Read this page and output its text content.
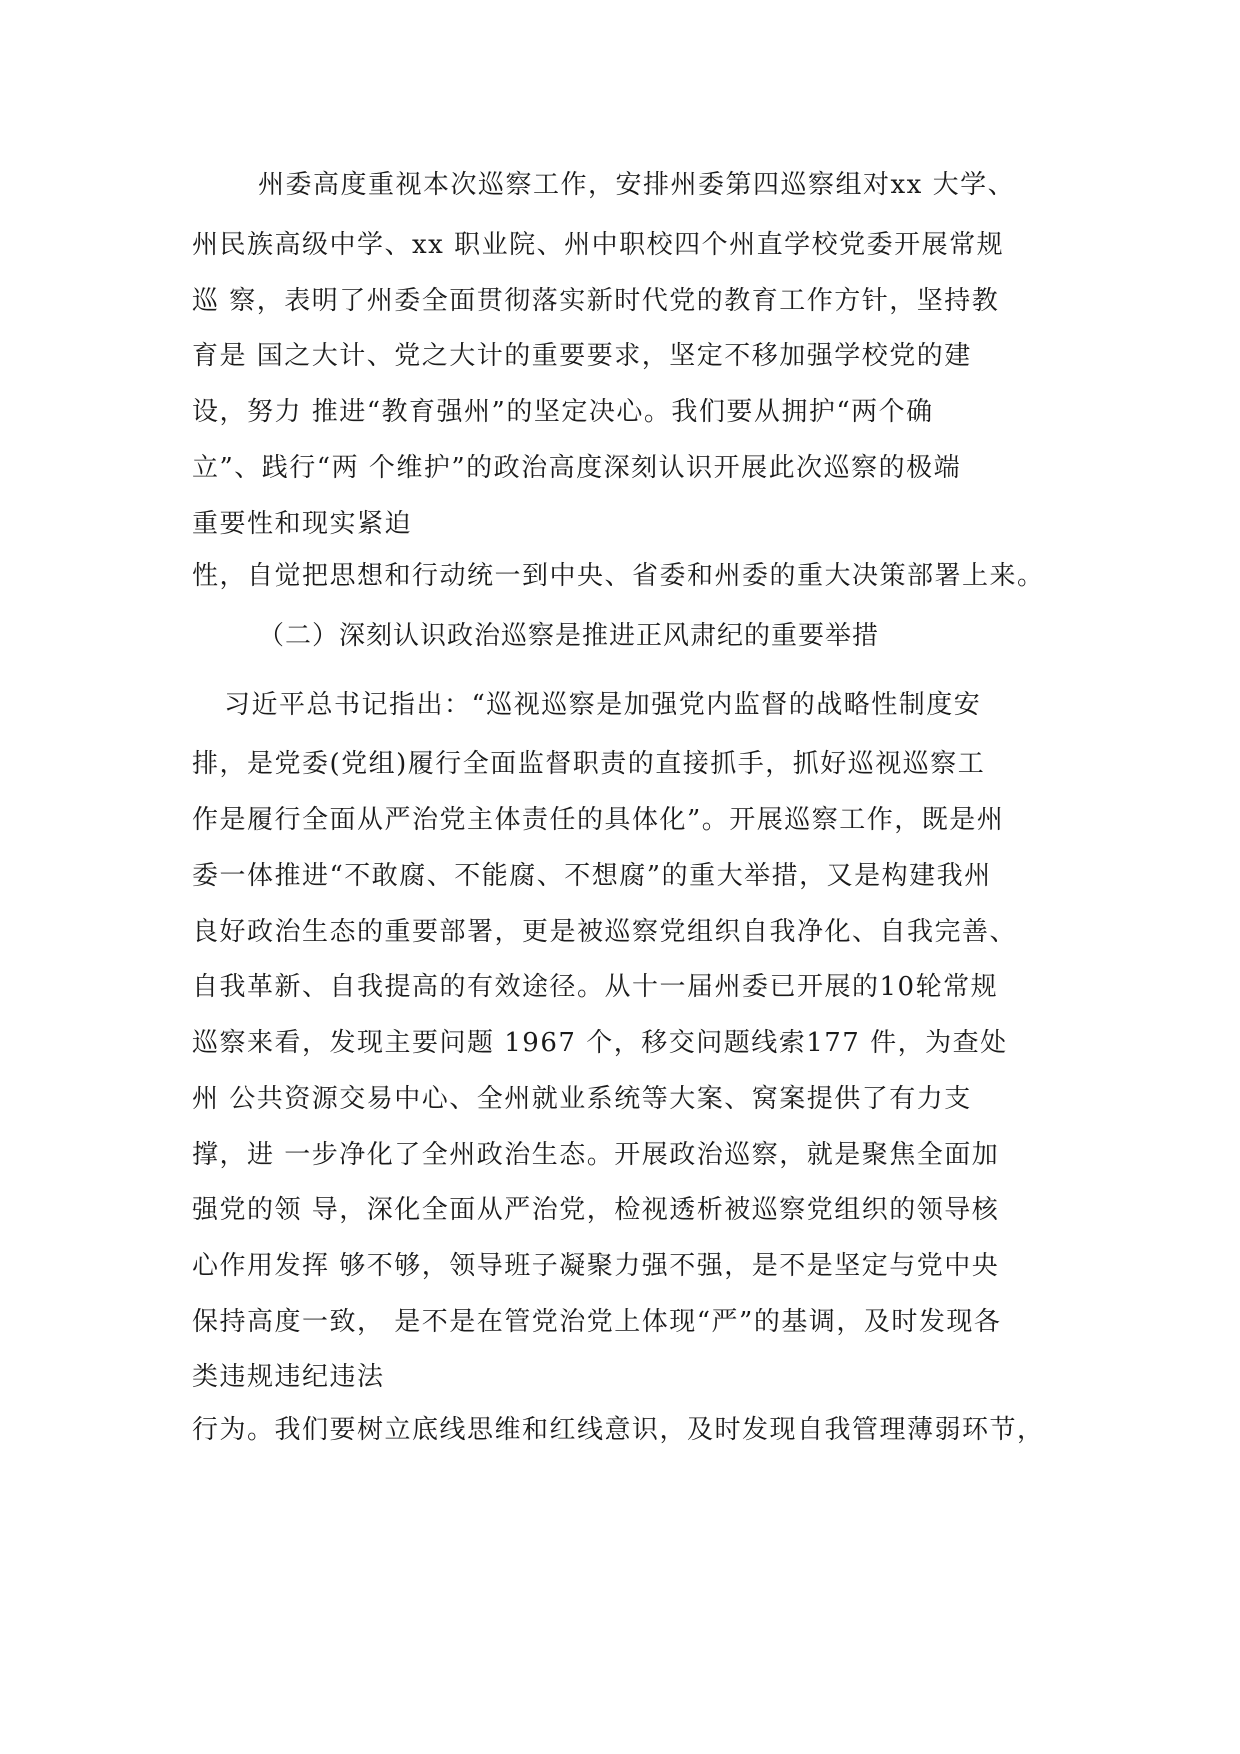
州委高度重视本次巡察工作，安排州委第四巡察组对xx 大学、
州民族高级中学、xx 职业院、州中职校四个州直学校党委开展常规
巡 察，表明了州委全面贯彻落实新时代党的教育工作方针，坚持教
育是 国之大计、党之大计的重要要求，坚定不移加强学校党的建
设，努力 推进“教育强州”的坚定决心。我们要从拥护“两个确
立”、践行“两 个维护”的政治高度深刻认识开展此次巡察的极端
重要性和现实紧迫
性，自觉把思想和行动统一到中央、省委和州委的重大决策部署上来。
（二）深刻认识政治巡察是推进正风肃纪的重要举措
习近平总书记指出：“巡视巡察是加强党内监督的战略性制度安
排，是党委(党组)履行全面监督职责的直接抓手，抓好巡视巡察工
作是履行全面从严治党主体责任的具体化”。开展巡察工作，既是州
委一体推进“不敢腐、不能腐、不想腐”的重大举措，又是构建我州
良好政治生态的重要部署，更是被巡察党组织自我净化、自我完善、
自我革新、自我提高的有效途径。从十一届州委已开展的10轮常规
巡察来看，发现主要问题 1967 个，移交问题线索177 件，为查处
州 公共资源交易中心、全州就业系统等大案、窝案提供了有力支
撑，进 一步净化了全州政治生态。开展政治巡察，就是聚焦全面加
强党的领 导，深化全面从严治党，检视透析被巡察党组织的领导核
心作用发挥 够不够，领导班子凝聚力强不强，是不是坚定与党中央
保持高度一致， 是不是在管党治党上体现“严”的基调，及时发现各
类违规违纪违法
行为。我们要树立底线思维和红线意识，及时发现自我管理薄弱环节，
